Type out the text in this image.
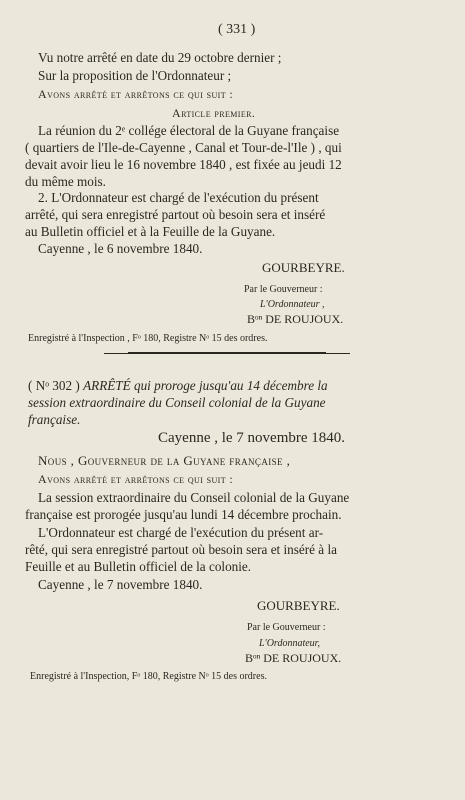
( 331 )
Vu notre arrêté en date du 29 octobre dernier ;
Sur la proposition de l'Ordonnateur ;
Avons arrêté et arrêtons ce qui suit :
Article premier.
La réunion du 2ᵉ collége électoral de la Guyane française
( quartiers de l'Ile-de-Cayenne , Canal et Tour-de-l'Ile ) , qui
devait avoir lieu le 16 novembre 1840 , est fixée au jeudi 12
du même mois.
2. L'Ordonnateur est chargé de l'exécution du présent
arrêté, qui sera enregistré partout où besoin sera et inséré
au Bulletin officiel et à la Feuille de la Guyane.
Cayenne , le 6 novembre 1840.
GOURBEYRE.
Par le Gouverneur :
L'Ordonnateur ,
Bᵒⁿ DE ROUJOUX.
Enregistré à l'Inspection , Fᵒ 180, Registre Nᵒ 15 des ordres.
( Nᵒ 302 ) ARRÊTÉ qui proroge jusqu'au 14 décembre la
session extraordinaire du Conseil colonial de la Guyane
française.
Cayenne , le 7 novembre 1840.
Nous , Gouverneur de la Guyane française ,
Avons arrêté et arrêtons ce qui suit :
La session extraordinaire du Conseil colonial de la Guyane
française est prorogée jusqu'au lundi 14 décembre prochain.
L'Ordonnateur est chargé de l'exécution du présent ar-
rêté, qui sera enregistré partout où besoin sera et inséré à la
Feuille et au Bulletin officiel de la colonie.
Cayenne , le 7 novembre 1840.
GOURBEYRE.
Par le Gouverneur :
L'Ordonnateur,
Bᵒⁿ DE ROUJOUX.
Enregistré à l'Inspection, Fᵒ 180, Registre Nᵒ 15 des ordres.
